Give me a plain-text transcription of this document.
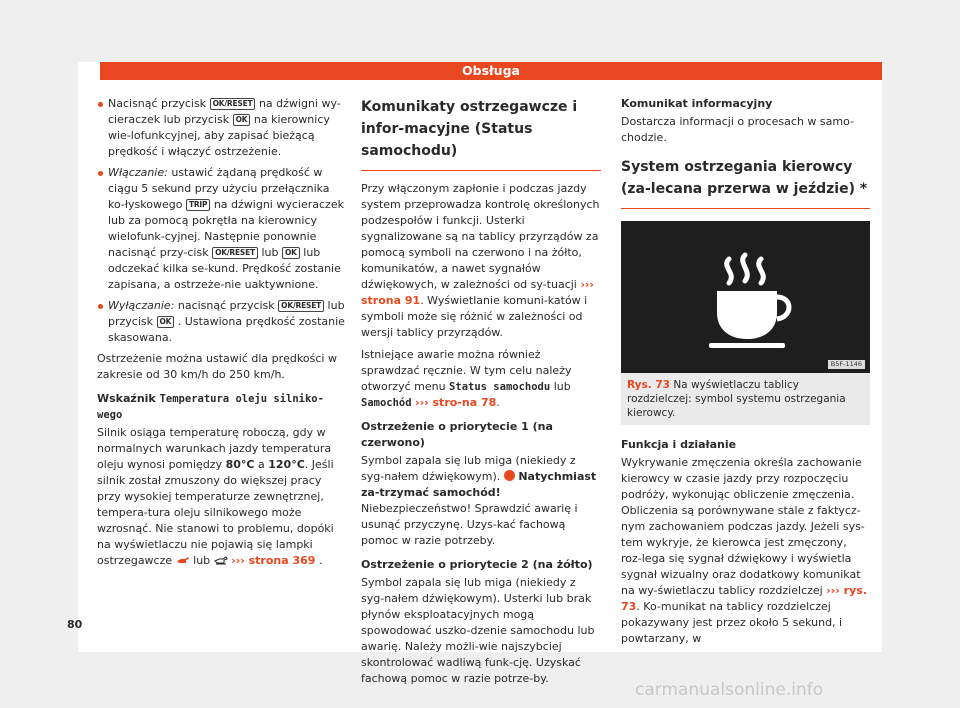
Obsługa
Nacisnąć przycisk OK/RESET na dźwigni wy-cieraczek lub przycisk OK na kierownicy wie-lofunkcyjnej, aby zapisać bieżącą prędkość i włączyć ostrzeżenie.
Włączanie: ustawić żądaną prędkość w ciągu 5 sekund przy użyciu przełącznika ko-łyskowego TRIP na dźwigni wycieraczek lub za pomocą pokrętła na kierownicy wielofunk-cyjnej. Następnie ponownie nacisnąć przy-cisk OK/RESET lub OK lub odczekać kilka se-kund. Prędkość zostanie zapisana, a ostrzeże-nie uaktywnione.
Wyłączanie: nacisnąć przycisk OK/RESET lub przycisk OK . Ustawiona prędkość zostanie skasowana.

Ostrzeżenie można ustawić dla prędkości w zakresie od 30 km/h do 250 km/h.

Wskaźnik Temperatura oleju silniko- wego

Silnik osiąga temperaturę roboczą, gdy w normalnych warunkach jazdy temperatura oleju wynosi pomiędzy 80°C a 120°C. Jeśli silnik został zmuszony do większej pracy przy wysokiej temperaturze zewnętrznej, tempera-tura oleju silnikowego może wzrosnąć. Nie stanowi to problemu, dopóki na wyświetlaczu nie pojawią się lampki ostrzegawcze lub ››› strona 369 .

Komunikaty ostrzegawcze i infor-macyjne (Status samochodu)

Przy włączonym zapłonie i podczas jazdy system przeprowadza kontrolę określonych podzespołów i funkcji. Usterki sygnalizowane są na tablicy przyrządów za pomocą symboli na czerwono i na żółto, komunikatów, a nawet sygnałów dźwiękowych, w zależności od sy-tuacji ››› strona 91. Wyświetlanie komuni-katów i symboli może się różnić w zależności od wersji tablicy przyrządów.

Istniejące awarie można również sprawdzać ręcznie. W tym celu należy otworzyć menu Status samochodu lub Samochód ››› stro-na 78.

Ostrzeżenie o priorytecie 1 (na czerwono)

Symbol zapala się lub miga (niekiedy z syg-nałem dźwiękowym). Natychmiast za-trzymać samochód! Niebezpieczeństwo! Sprawdzić awarię i usunąć przyczynę. Uzys-kać fachową pomoc w razie potrzeby.

Ostrzeżenie o priorytecie 2 (na żółto)

Symbol zapala się lub miga (niekiedy z syg-nałem dźwiękowym). Usterki lub brak płynów eksploatacyjnych mogą spowodować uszko-dzenie samochodu lub awarię. Należy możli-wie najszybciej skontrolować wadliwą funk-cję. Uzyskać fachową pomoc w razie potrze-by.

Komunikat informacyjny

Dostarcza informacji o procesach w samo-chodzie.

System ostrzegania kierowcy (za-lecana przerwa w jeździe) *
B5F-1146
Rys. 73 Na wyświetlaczu tablicy rozdzielczej: symbol systemu ostrzegania kierowcy.
Funkcja i działanie

Wykrywanie zmęczenia określa zachowanie kierowcy w czasie jazdy przy rozpoczęciu podróży, wykonując obliczenie zmęczenia. Obliczenia są porównywane stale z faktycz-nym zachowaniem podczas jazdy. Jeżeli sys-tem wykryje, że kierowca jest zmęczony, roz-lega się sygnał dźwiękowy i wyświetla sygnał wizualny oraz dodatkowy komunikat na wy-świetlaczu tablicy rozdzielczej ››› rys. 73. Ko-munikat na tablicy rozdzielczej pokazywany jest przez około 5 sekund, i powtarzany, w

80
carmanualsonline.info
